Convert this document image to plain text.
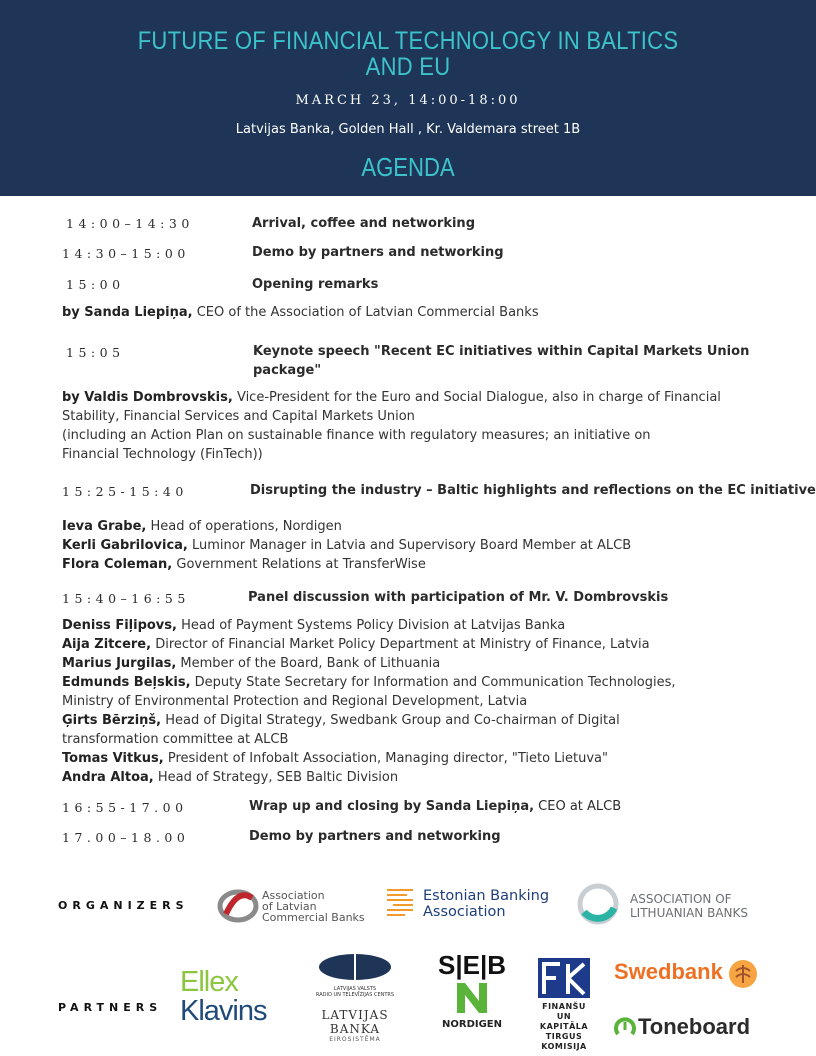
FUTURE OF FINANCIAL TECHNOLOGY IN BALTICS
AND EU
MARCH 23, 14:00-18:00
Latvijas Banka, Golden Hall , Kr. Valdemara street 1B
AGENDA
14:00–14:30	Arrival, coffee and networking
14:30–15:00	Demo by partners and networking
15:00	Opening remarks
by Sanda Liepiņa, CEO of the Association of Latvian Commercial Banks
15:05	Keynote speech "Recent EC initiatives within Capital Markets Union
package"
by Valdis Dombrovskis, Vice-President for the Euro and Social Dialogue, also in charge of Financial
Stability, Financial Services and Capital Markets Union
(including an Action Plan on sustainable finance with regulatory measures; an initiative on
Financial Technology (FinTech))
15:25-15:40	Disrupting the industry – Baltic highlights and reflections on the EC initiative
Ieva Grabe, Head of operations, Nordigen
Kerli Gabrilovica, Luminor Manager in Latvia and Supervisory Board Member at ALCB
Flora Coleman, Government Relations at TransferWise
15:40–16:55	Panel discussion with participation of Mr. V. Dombrovskis
Deniss Fiļipovs, Head of Payment Systems Policy Division at Latvijas Banka
Aija Zitcere, Director of Financial Market Policy Department at Ministry of Finance, Latvia
Marius Jurgilas, Member of the Board, Bank of Lithuania
Edmunds Beļskis, Deputy State Secretary for Information and Communication Technologies,
Ministry of Environmental Protection and Regional Development, Latvia
Ģirts Bērziņš, Head of Digital Strategy, Swedbank Group and Co-chairman of Digital
transformation committee at ALCB
Tomas Vitkus, President of Infobalt Association, Managing director, "Tieto Lietuva"
Andra Altoa, Head of Strategy, SEB Baltic Division
16:55-17.00	Wrap up and closing by Sanda Liepiņa, CEO at ALCB
17.00–18.00	Demo by partners and networking
ORGANIZERS
Association
of Latvian
Commercial Banks
Estonian Banking
Association
ASSOCIATION OF
LITHUANIAN BANKS
PARTNERS
Ellex
Klavins
LATVIJAS VALSTS
RADIO UN TELEVĪZIJAS CENTRS
LATVIJAS BANKA
EIROSISTĒMA
S|E|B
NORDIGEN
FINANŠU UN
KAPITĀLA
TIRGUS
KOMISIJA
Swedbank
Toneboard
